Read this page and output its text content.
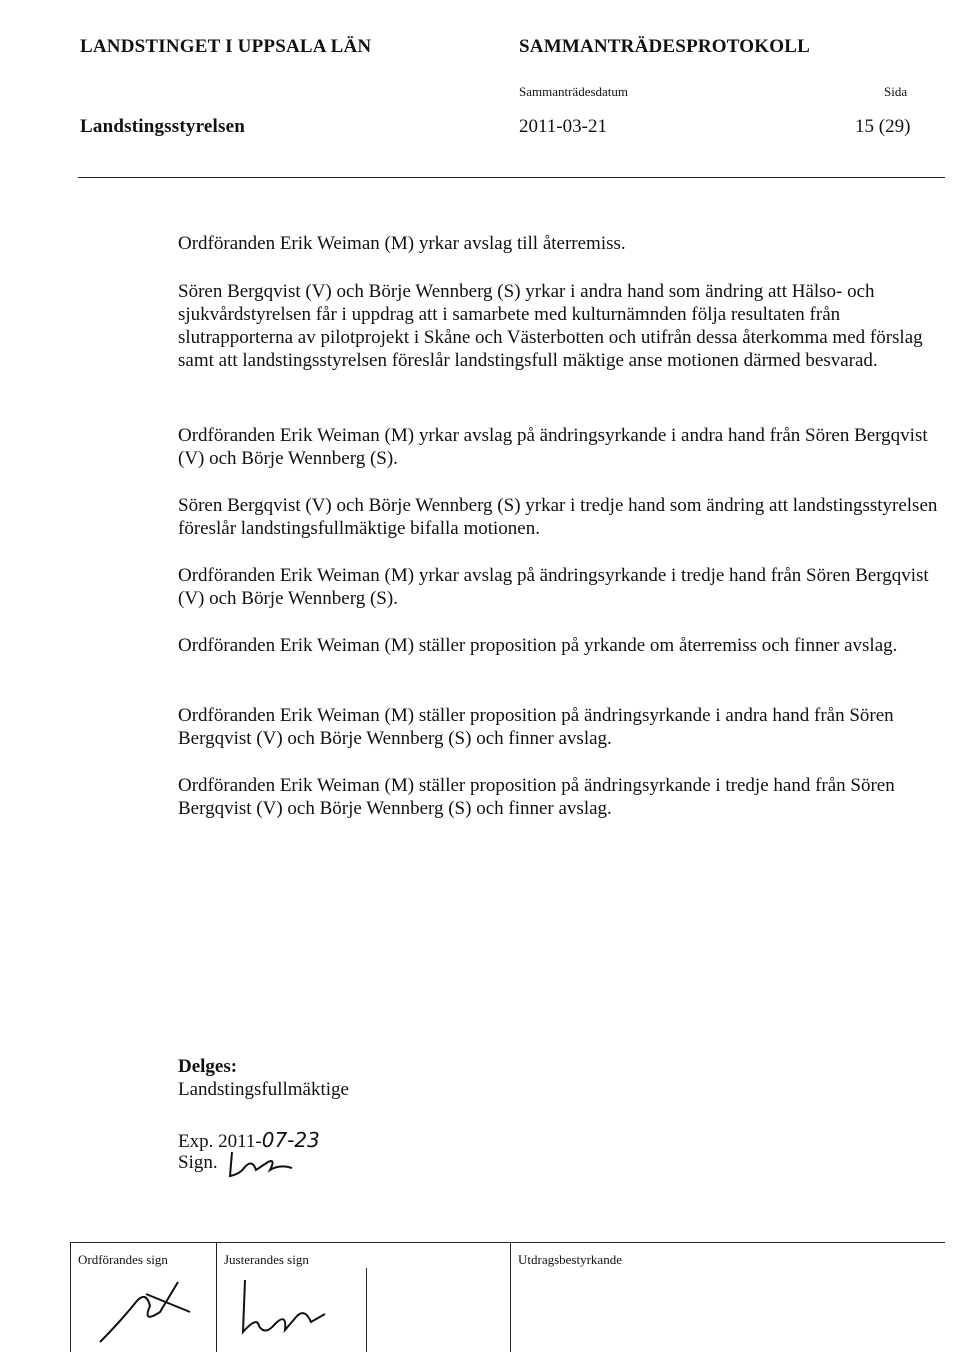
LANDSTINGET I UPPSALA LÄN	SAMMANTRÄDESPROTOKOLL
Sammanträdesdatum	Sida
Landstingsstyrelsen	2011-03-21	15 (29)

Ordföranden Erik Weiman (M) yrkar avslag till återremiss.

Sören Bergqvist (V) och Börje Wennberg (S) yrkar i andra hand som ändring att Hälso- och sjukvårdstyrelsen får i uppdrag att i samarbete med kulturnämnden följa resultaten från slutrapporterna av pilotprojekt i Skåne och Västerbotten och utifrån dessa återkomma med förslag samt att landstingsstyrelsen föreslår landstingsfull mäktige anse motionen därmed besvarad.

Ordföranden Erik Weiman (M) yrkar avslag på ändringsyrkande i andra hand från Sören Bergqvist (V) och Börje Wennberg (S).

Sören Bergqvist (V) och Börje Wennberg (S) yrkar i tredje hand som ändring att landstingsstyrelsen föreslår landstingsfullmäktige bifalla motionen.

Ordföranden Erik Weiman (M) yrkar avslag på ändringsyrkande i tredje hand från Sören Bergqvist (V) och Börje Wennberg (S).

Ordföranden Erik Weiman (M) ställer proposition på yrkande om återremiss och finner avslag.

Ordföranden Erik Weiman (M) ställer proposition på ändringsyrkande i andra hand från Sören Bergqvist (V) och Börje Wennberg (S) och finner avslag.

Ordföranden Erik Weiman (M) ställer proposition på ändringsyrkande i tredje hand från Sören Bergqvist (V) och Börje Wennberg (S) och finner avslag.

Delges:
Landstingsfullmäktige
Exp. 2011-07-23
Sign.
Ordförandes sign	Justerandes sign	Utdragsbestyrkande
